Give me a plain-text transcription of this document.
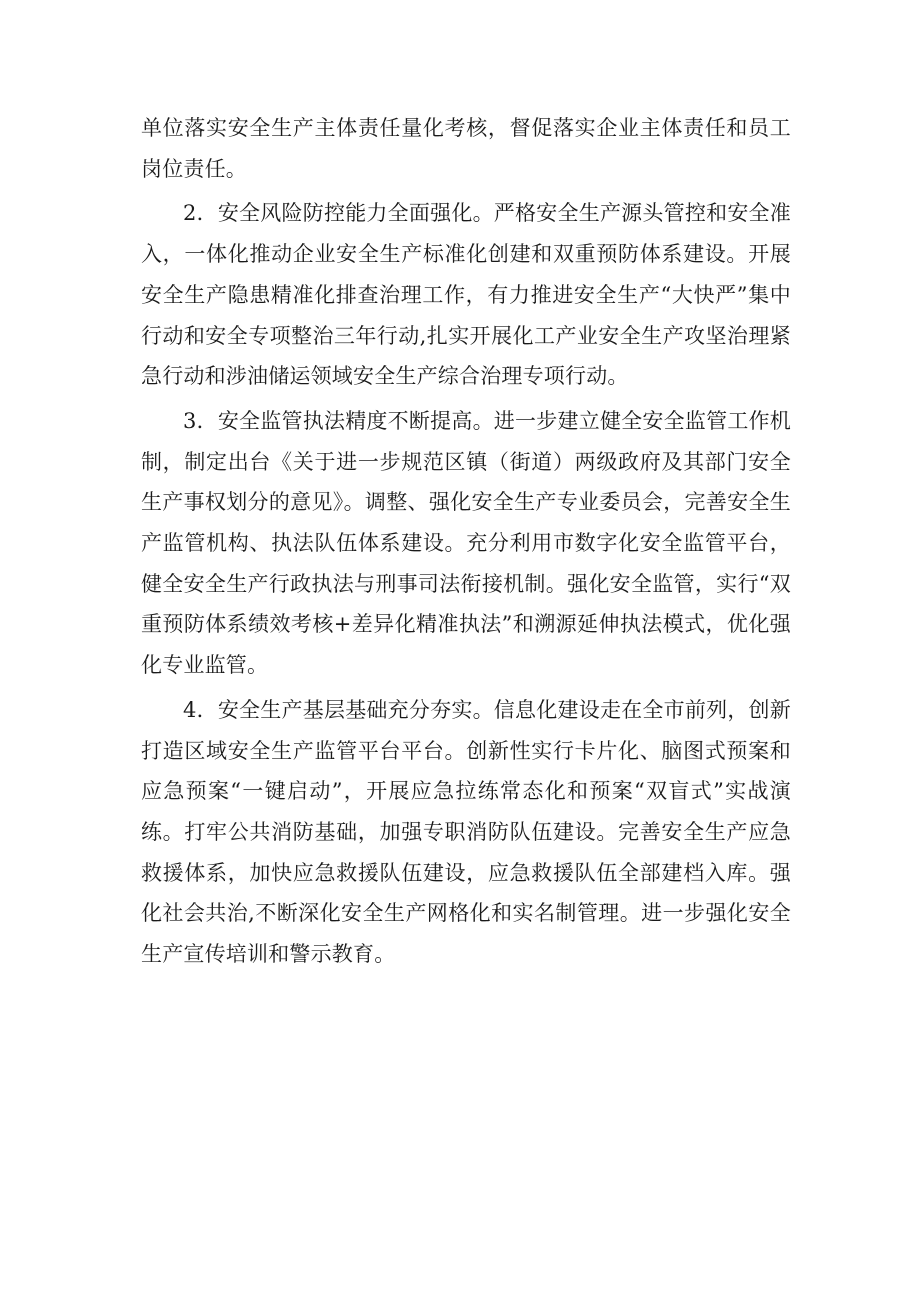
单位落实安全生产主体责任量化考核，督促落实企业主体责任和员工岗位责任。

2．安全风险防控能力全面强化。严格安全生产源头管控和安全准入，一体化推动企业安全生产标准化创建和双重预防体系建设。开展安全生产隐患精准化排查治理工作，有力推进安全生产“大快严”集中行动和安全专项整治三年行动,扎实开展化工产业安全生产攻坚治理紧急行动和涉油储运领域安全生产综合治理专项行动。

3．安全监管执法精度不断提高。进一步建立健全安全监管工作机制，制定出台《关于进一步规范区镇（街道）两级政府及其部门安全生产事权划分的意见》。调整、强化安全生产专业委员会，完善安全生产监管机构、执法队伍体系建设。充分利用市数字化安全监管平台，健全安全生产行政执法与刑事司法衔接机制。强化安全监管，实行“双重预防体系绩效考核+差异化精准执法”和溯源延伸执法模式，优化强化专业监管。

4．安全生产基层基础充分夯实。信息化建设走在全市前列，创新打造区域安全生产监管平台平台。创新性实行卡片化、脑图式预案和应急预案“一键启动”，开展应急拉练常态化和预案“双盲式”实战演练。打牢公共消防基础，加强专职消防队伍建设。完善安全生产应急救援体系，加快应急救援队伍建设，应急救援队伍全部建档入库。强化社会共治,不断深化安全生产网格化和实名制管理。进一步强化安全生产宣传培训和警示教育。
